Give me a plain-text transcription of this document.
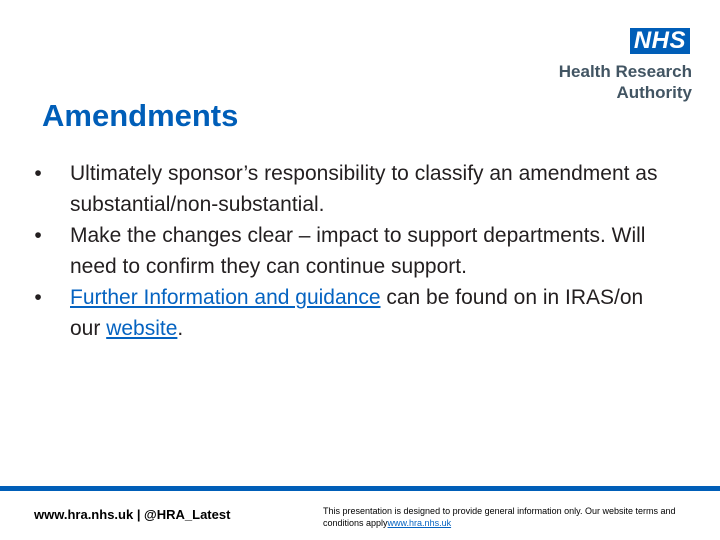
NHS
Health Research
Authority
Amendments
•	Ultimately sponsor’s responsibility to classify an amendment as substantial/non-substantial.
•	Make the changes clear – impact to support departments. Will need to confirm they can continue support.
•	Further Information and guidance can be found on in IRAS/on our website.
www.hra.nhs.uk | @HRA_Latest	This presentation is designed to provide general information only. Our website terms and conditions applywww.hra.nhs.uk
